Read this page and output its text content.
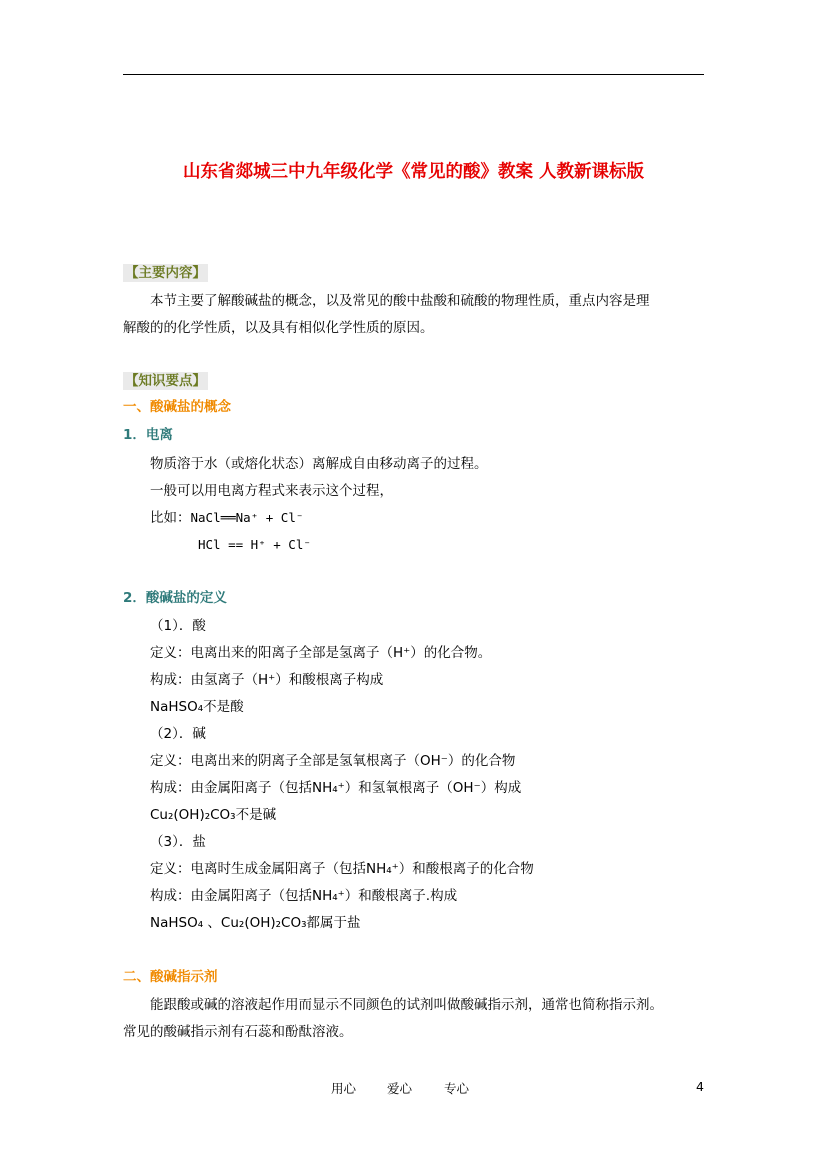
山东省郯城三中九年级化学《常见的酸》教案 人教新课标版
【主要内容】
本节主要了解酸碱盐的概念，以及常见的酸中盐酸和硫酸的物理性质，重点内容是理
解酸的的化学性质，以及具有相似化学性质的原因。
【知识要点】
一、酸碱盐的概念
1．电离
物质溶于水（或熔化状态）离解成自由移动离子的过程。
一般可以用电离方程式来表示这个过程，
比如：NaCl══Na⁺ + Cl⁻
HCl == H⁺ + Cl⁻
2．酸碱盐的定义
（1）．酸
定义：电离出来的阳离子全部是氢离子（H⁺）的化合物。
构成：由氢离子（H⁺）和酸根离子构成
NaHSO₄不是酸
（2）．碱
定义：电离出来的阴离子全部是氢氧根离子（OH⁻）的化合物
构成：由金属阳离子（包括NH₄⁺）和氢氧根离子（OH⁻）构成
Cu₂(OH)₂CO₃不是碱
（3）．盐
定义：电离时生成金属阳离子（包括NH₄⁺）和酸根离子的化合物
构成：由金属阳离子（包括NH₄⁺）和酸根离子.构成
NaHSO₄ 、Cu₂(OH)₂CO₃都属于盐
二、酸碱指示剂
能跟酸或碱的溶液起作用而显示不同颜色的试剂叫做酸碱指示剂，通常也简称指示剂。
常见的酸碱指示剂有石蕊和酚酞溶液。
用心 爱心	专心	4
